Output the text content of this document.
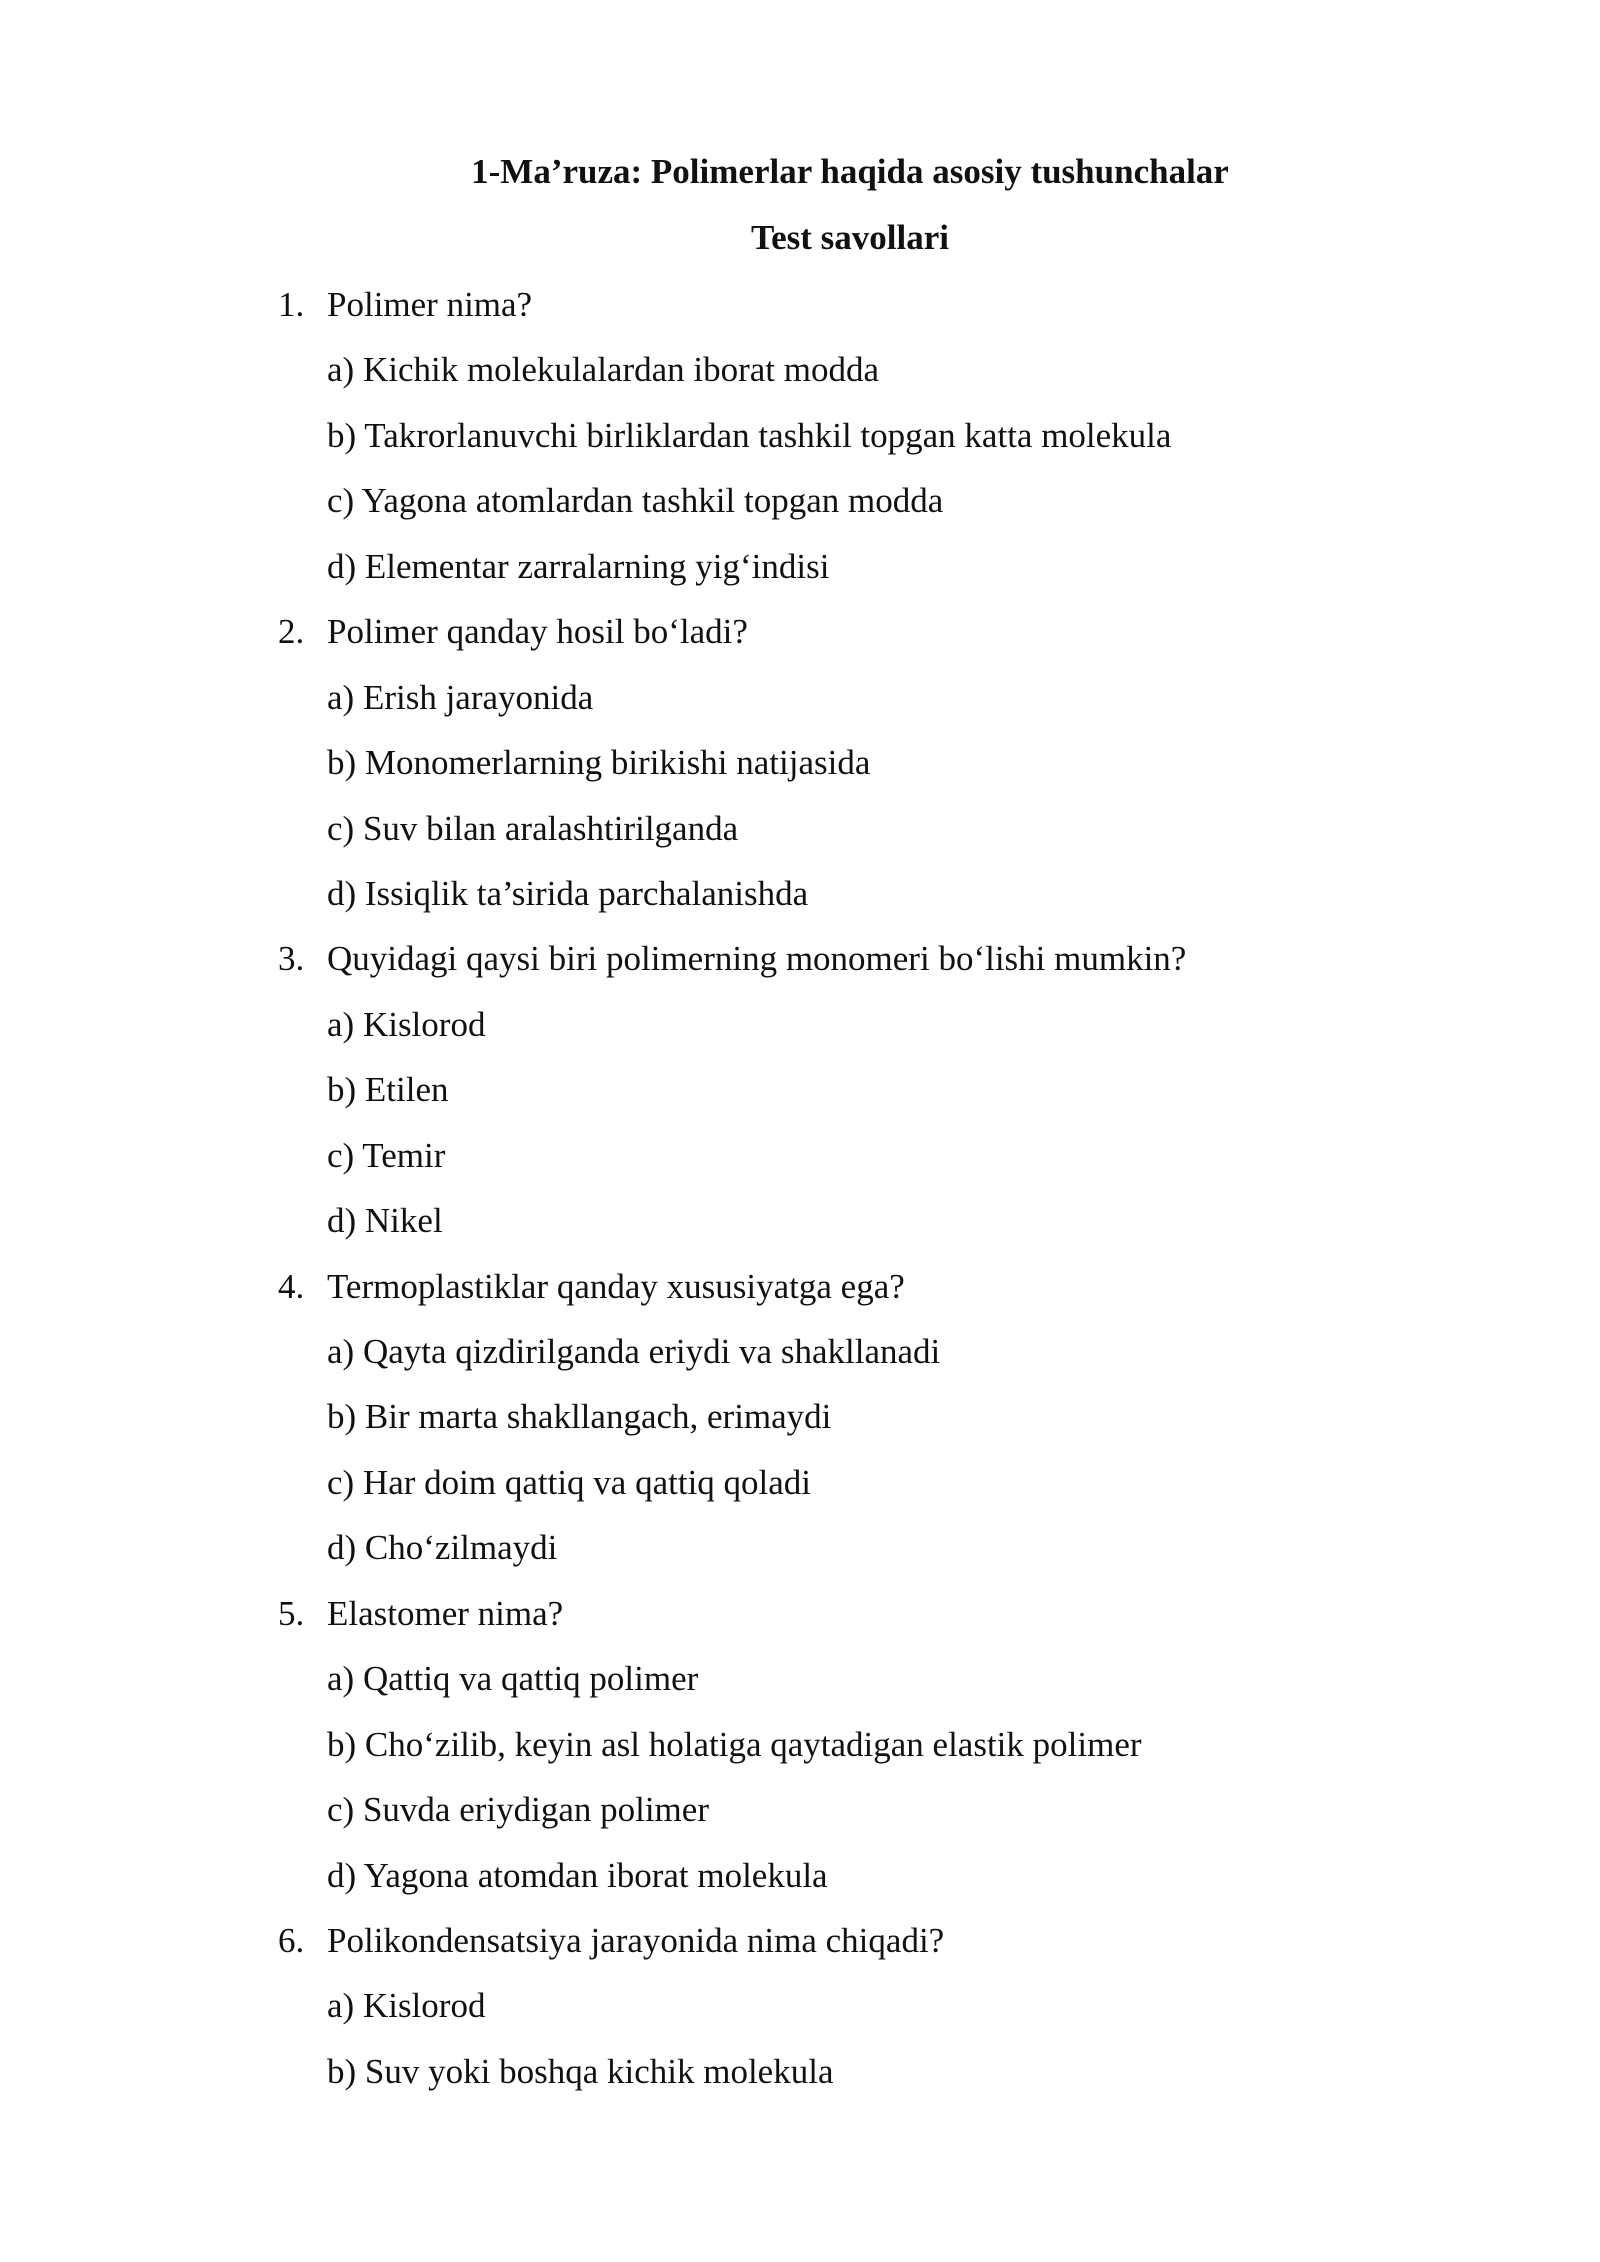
1-Ma’ruza: Polimerlar haqida asosiy tushunchalar
Test savollari
1. Polimer nima?
a) Kichik molekulalardan iborat modda
b) Takrorlanuvchi birliklardan tashkil topgan katta molekula
c) Yagona atomlardan tashkil topgan modda
d) Elementar zarralarning yig‘indisi
2. Polimer qanday hosil bo‘ladi?
a) Erish jarayonida
b) Monomerlarning birikishi natijasida
c) Suv bilan aralashtirilganda
d) Issiqlik ta’sirida parchalanishda
3. Quyidagi qaysi biri polimerning monomeri bo‘lishi mumkin?
a) Kislorod
b) Etilen
c) Temir
d) Nikel
4. Termoplastiklar qanday xususiyatga ega?
a) Qayta qizdirilganda eriydi va shakllanadi
b) Bir marta shakllangach, erimaydi
c) Har doim qattiq va qattiq qoladi
d) Cho‘zilmaydi
5. Elastomer nima?
a) Qattiq va qattiq polimer
b) Cho‘zilib, keyin asl holatiga qaytadigan elastik polimer
c) Suvda eriydigan polimer
d) Yagona atomdan iborat molekula
6. Polikondensatsiya jarayonida nima chiqadi?
a) Kislorod
b) Suv yoki boshqa kichik molekula
